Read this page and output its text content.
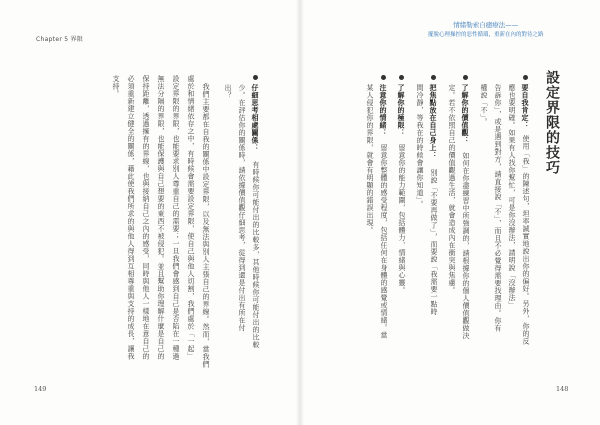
Chapter 5 界限
情緒勒索自癒療法——
擺脫心理操控的惡性循環，重新在內的對待之路
設定界限的技巧
要自我肯定：
使用「我」的陳述句，坦率誠實地說出你的偏好。另外，你的反
應也要明確。如果有人找你幫忙，可是你沒辦法，請明說「沒辦法」
告訴你」，或是遇到對方，請直接說「不」，而且不必覺得需要找理由。你有
權說「不」。
了解你的價值觀：
如何在你盡練習中所強調的，請根據你的個人價值觀做決
定。若不依照自己的價值觀過生活，就會造成內在衝突與焦慮。
把焦點放在自己身上：
別說「不要再做了」，而要說「我需要一點時
間冷靜，等我在的時候會讓你知道」。
了解你的極限：
留意你的能力範圍，包括體力、情緒與心靈。
注意你的情緒：
留意你整體的感受程度，包括任何在身體的感覺或情緒。當
某人侵犯你的界限，就會有明顯的錯誤出現。
仔細思考相處關係：
有時候你可能付出的比較多，其他時候你可能付出的比較
少。在評估你的關係時，請依據價值觀仔細思考，從得到還是付出有所在付
出？
我們主要都在自我的關係中設定界限，以及無法與別人主張自己的界線。然而，當我們
處於和情緒依存之中，有時候會需要設定界限，使自己與他人切割，我們處於「一起」
設定界限的界限，也能要求別人尊重自己的需要；一旦我們會感到自己是否陷在一種過
無法分隔的界限，也能保護與自己想要的東西不被侵犯。並且幫助你理解什麼是自己的
保持距離，透過擁有的界線，也與接納自己之內的感受，同時與他人一樣地在意自己的
必須重新建立健全的關係，藉此使我們所求的與他人得到互相尊重與支持的成長，讓我
支持。
149	148
